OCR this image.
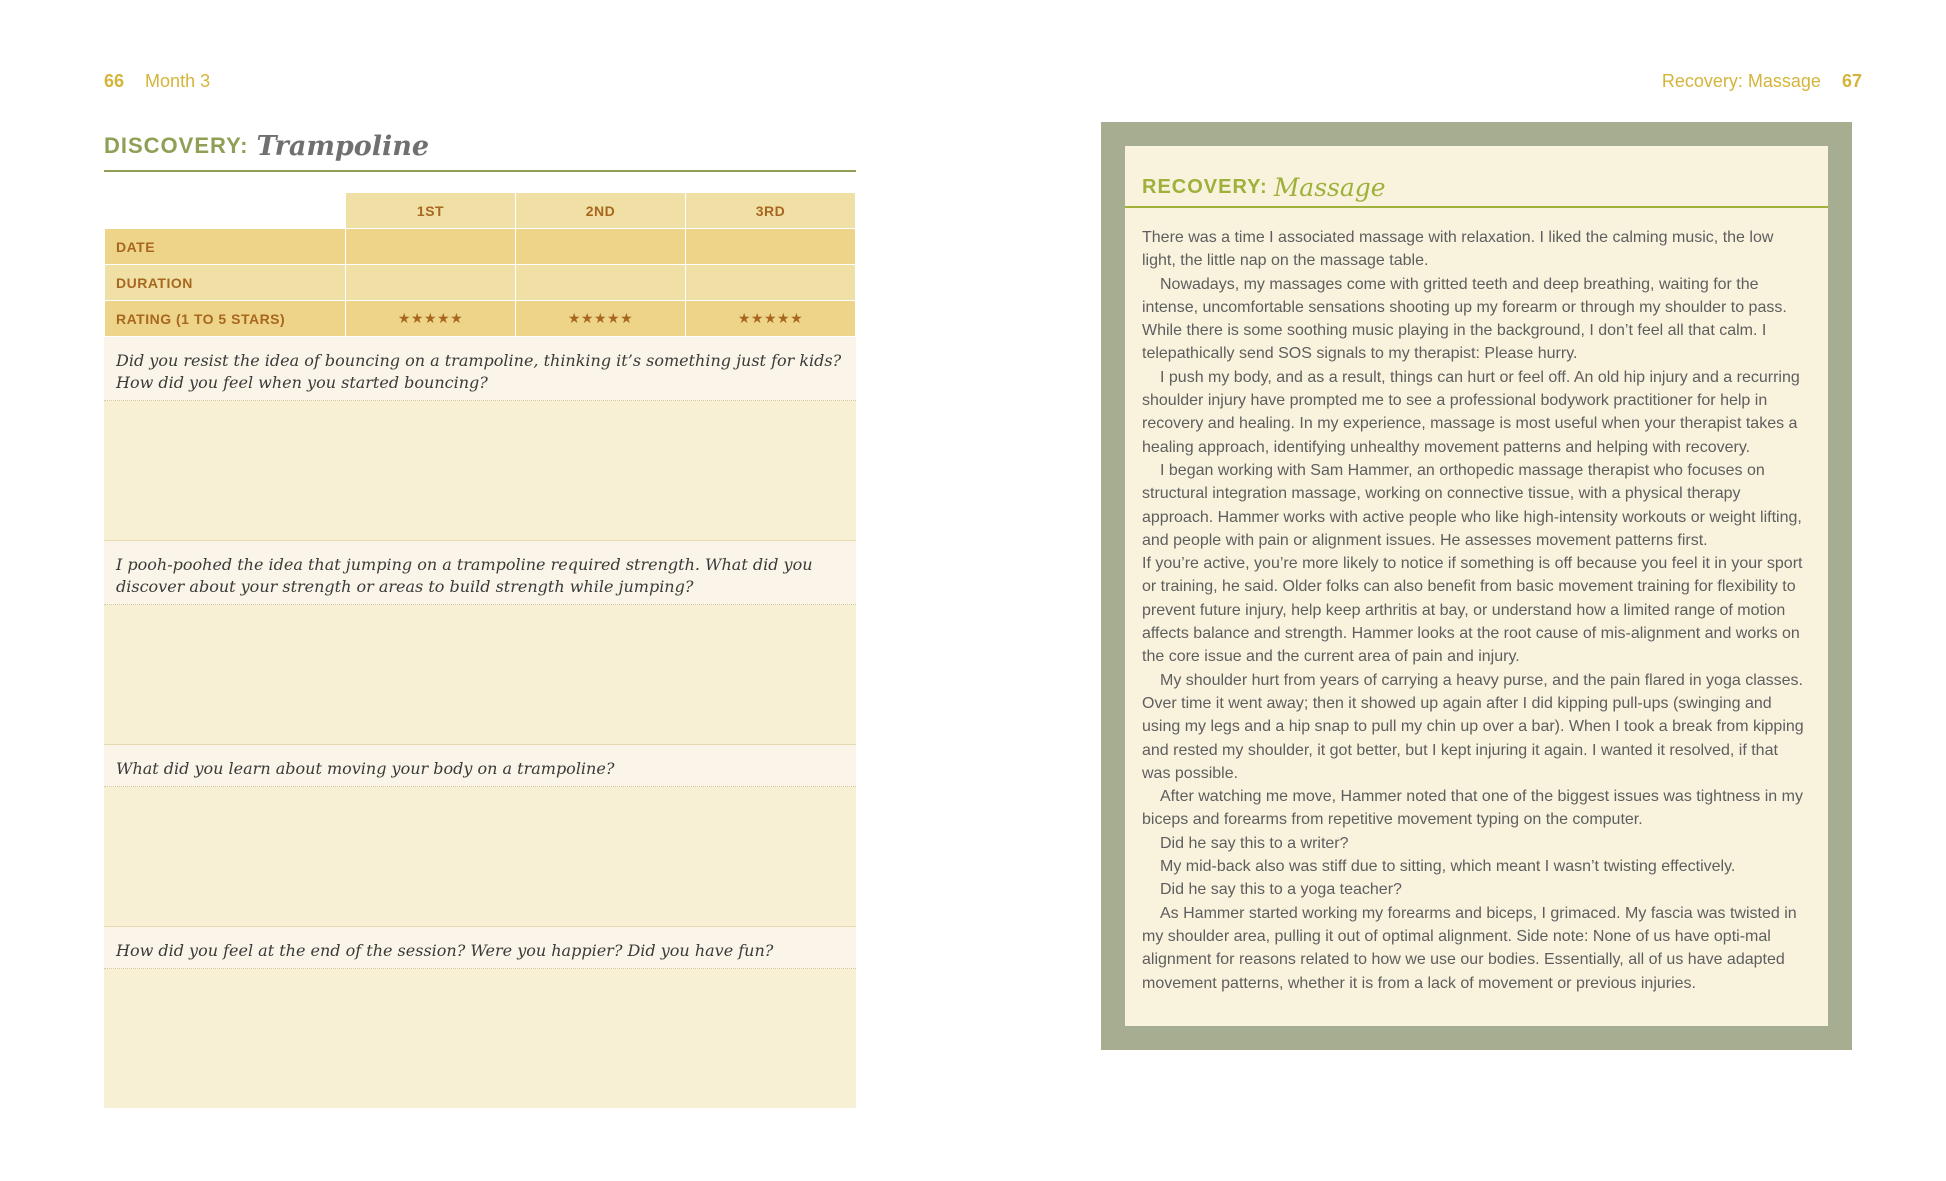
66 Month 3	Recovery: Massage 67
DISCOVERY: Trampoline
	1ST	2ND	3RD
DATE			
DURATION			
RATING (1 TO 5 STARS)	★★★★★	★★★★★	★★★★★
Did you resist the idea of bouncing on a trampoline, thinking it’s something just for kids? How did you feel when you started bouncing?
I pooh-poohed the idea that jumping on a trampoline required strength. What did you discover about your strength or areas to build strength while jumping?
What did you learn about moving your body on a trampoline?
How did you feel at the end of the session? Were you happier? Did you have fun?
RECOVERY: Massage

There was a time I associated massage with relaxation. I liked the calming music, the low light, the little nap on the massage table.

Nowadays, my massages come with gritted teeth and deep breathing, waiting for the intense, uncomfortable sensations shooting up my forearm or through my shoulder to pass. While there is some soothing music playing in the background, I don’t feel all that calm. I telepathically send SOS signals to my therapist: Please hurry.

I push my body, and as a result, things can hurt or feel off. An old hip injury and a recurring shoulder injury have prompted me to see a professional bodywork practitioner for help in recovery and healing. In my experience, massage is most useful when your therapist takes a healing approach, identifying unhealthy movement patterns and helping with recovery.

I began working with Sam Hammer, an orthopedic massage therapist who focuses on structural integration massage, working on connective tissue, with a physical therapy approach. Hammer works with active people who like high-intensity workouts or weight lifting, and people with pain or alignment issues. He assesses movement patterns first.

If you’re active, you’re more likely to notice if something is off because you feel it in your sport or training, he said. Older folks can also benefit from basic movement training for flexibility to prevent future injury, help keep arthritis at bay, or understand how a limited range of motion affects balance and strength. Hammer looks at the root cause of mis-alignment and works on the core issue and the current area of pain and injury.

My shoulder hurt from years of carrying a heavy purse, and the pain flared in yoga classes. Over time it went away; then it showed up again after I did kipping pull-ups (swinging and using my legs and a hip snap to pull my chin up over a bar). When I took a break from kipping and rested my shoulder, it got better, but I kept injuring it again. I wanted it resolved, if that was possible.

After watching me move, Hammer noted that one of the biggest issues was tightness in my biceps and forearms from repetitive movement typing on the computer.

Did he say this to a writer?

My mid-back also was stiff due to sitting, which meant I wasn’t twisting effectively.

Did he say this to a yoga teacher?

As Hammer started working my forearms and biceps, I grimaced. My fascia was twisted in my shoulder area, pulling it out of optimal alignment. Side note: None of us have opti-mal alignment for reasons related to how we use our bodies. Essentially, all of us have adapted movement patterns, whether it is from a lack of movement or previous injuries.
